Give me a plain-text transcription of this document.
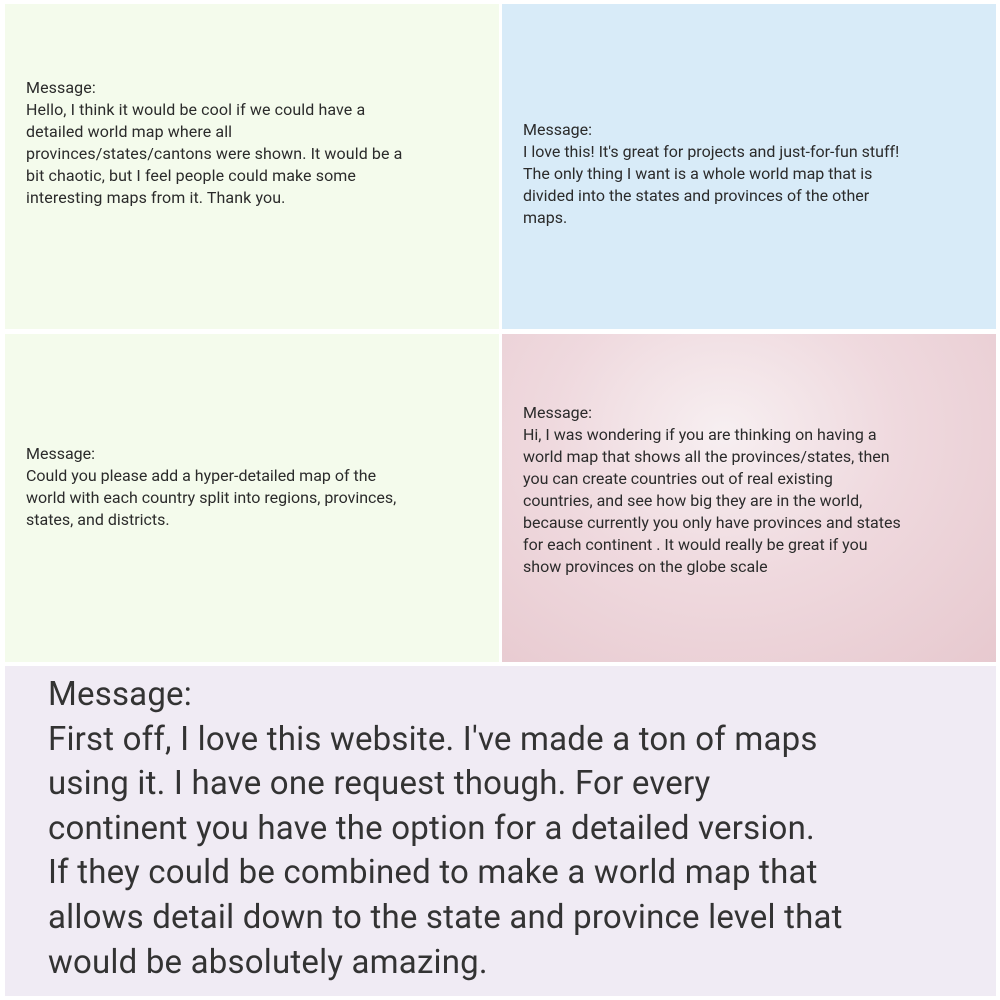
Message:
Hello, I think it would be cool if we could have a
detailed world map where all
provinces/states/cantons were shown. It would be a
bit chaotic, but I feel people could make some
interesting maps from it. Thank you.
Message:
I love this! It's great for projects and just-for-fun stuff!
The only thing I want is a whole world map that is
divided into the states and provinces of the other
maps.
Message:
Could you please add a hyper-detailed map of the
world with each country split into regions, provinces,
states, and districts.
Message:
Hi, I was wondering if you are thinking on having a
world map that shows all the provinces/states, then
you can create countries out of real existing
countries, and see how big they are in the world,
because currently you only have provinces and states
for each continent . It would really be great if you
show provinces on the globe scale
Message:
First off, I love this website. I've made a ton of maps
using it. I have one request though. For every
continent you have the option for a detailed version.
If they could be combined to make a world map that
allows detail down to the state and province level that
would be absolutely amazing.
